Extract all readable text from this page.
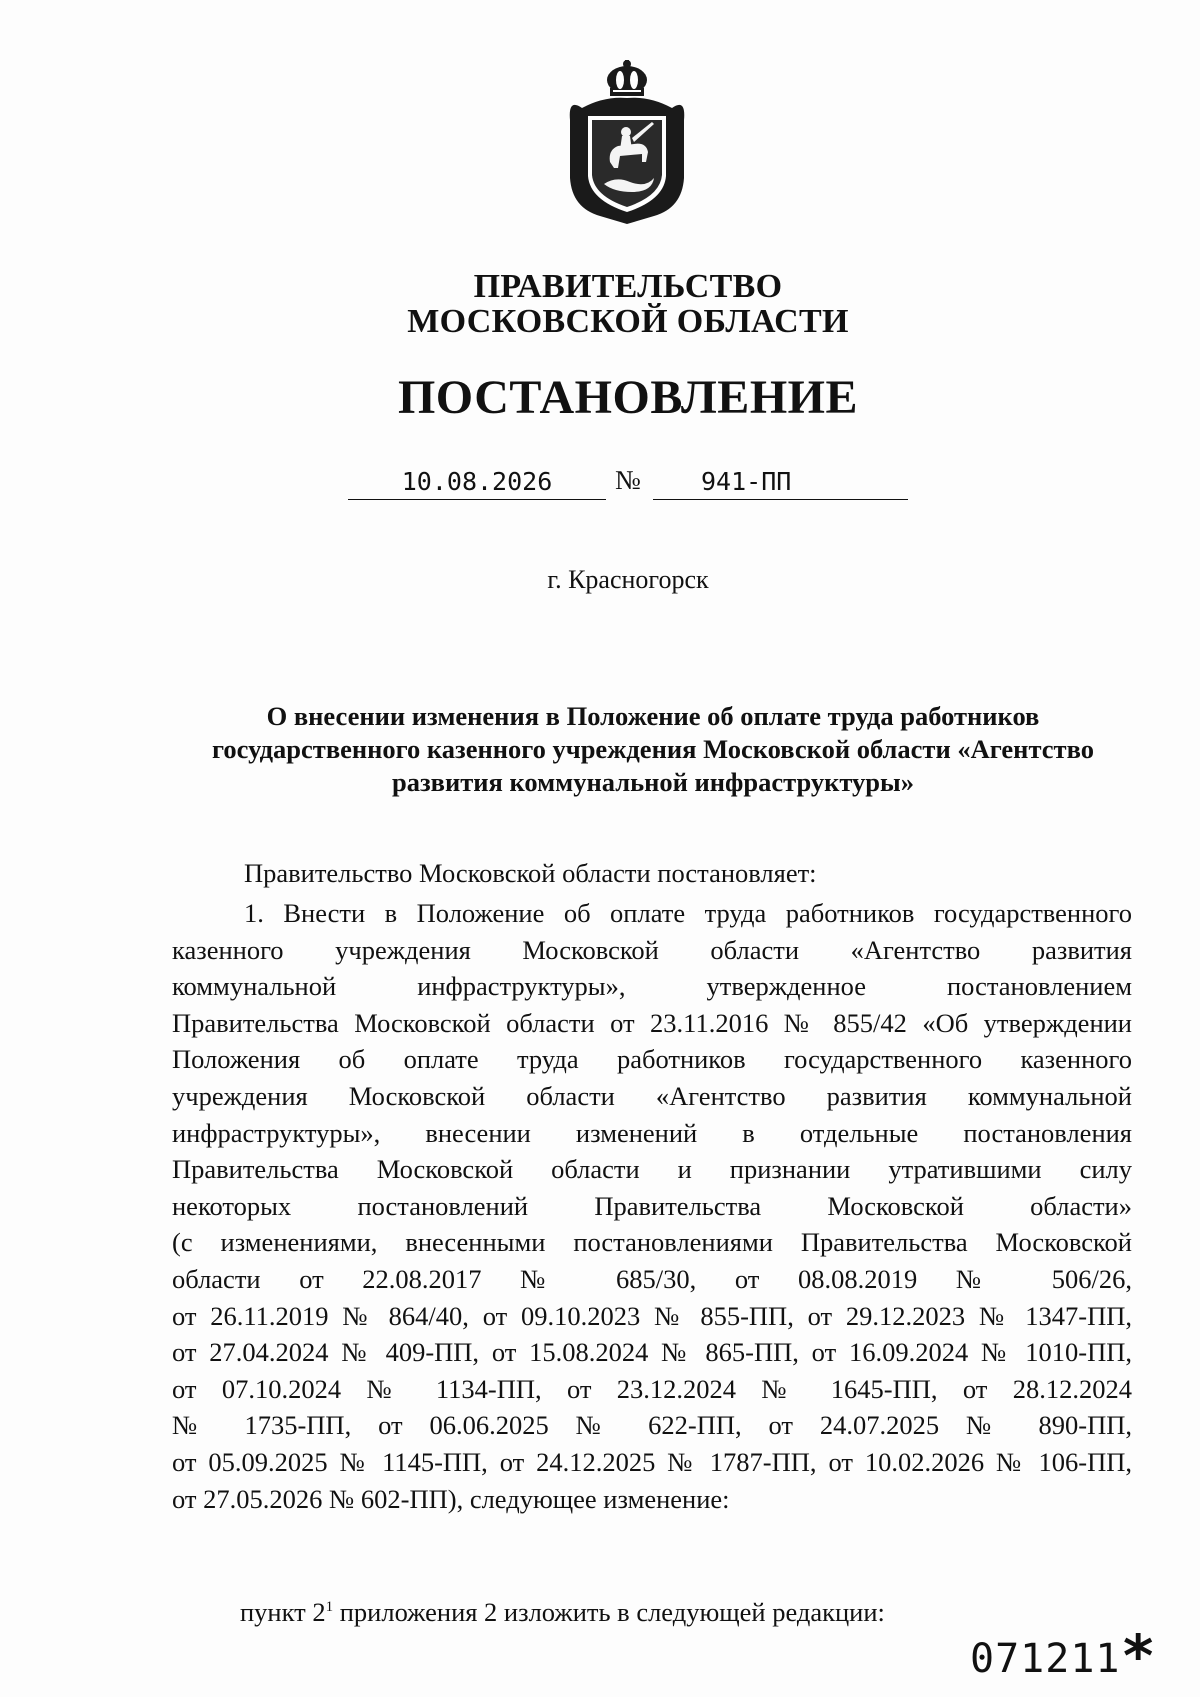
ПРАВИТЕЛЬСТВО
МОСКОВСКОЙ ОБЛАСТИ
ПОСТАНОВЛЕНИЕ
10.08.2026	№	941-ПП
г. Красногорск
О внесении изменения в Положение об оплате труда работников
государственного казенного учреждения Московской области «Агентство
развития коммунальной инфраструктуры»
Правительство Московской области постановляет:
1. Внести в Положение об оплате труда работников государственного
казенного учреждения Московской области «Агентство развития
коммунальной инфраструктуры», утвержденное постановлением
Правительства Московской области от 23.11.2016 № 855/42 «Об утверждении
Положения об оплате труда работников государственного казенного
учреждения Московской области «Агентство развития коммунальной
инфраструктуры», внесении изменений в отдельные постановления
Правительства Московской области и признании утратившими силу
некоторых постановлений Правительства Московской области»
(с изменениями, внесенными постановлениями Правительства Московской
области от 22.08.2017 № 685/30, от 08.08.2019 № 506/26,
от 26.11.2019 № 864/40, от 09.10.2023 № 855-ПП, от 29.12.2023 № 1347-ПП,
от 27.04.2024 № 409-ПП, от 15.08.2024 № 865-ПП, от 16.09.2024 № 1010-ПП,
от 07.10.2024 № 1134-ПП, от 23.12.2024 № 1645-ПП, от 28.12.2024
№ 1735-ПП, от 06.06.2025 № 622-ПП, от 24.07.2025 № 890-ПП,
от 05.09.2025 № 1145-ПП, от 24.12.2025 № 1787-ПП, от 10.02.2026 № 106-ПП,
от 27.05.2026 № 602-ПП), следующее изменение:
пункт $2^1$ приложения 2 изложить в следующей редакции:
071211 *
